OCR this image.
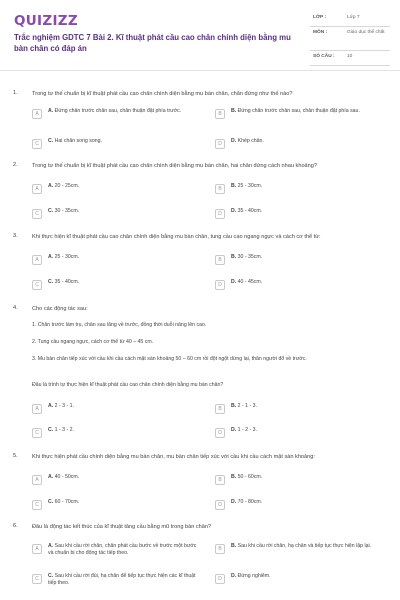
QUIZIZZ
Trắc nghiệm GDTC 7 Bài 2. Kĩ thuật phát cầu cao chân chính diện bằng mu bàn chân có đáp án
LỚP :	Lớp 7
MÔN :	Giáo dục thể chất
SỐ CÂU :	10
1.	Trong tư thế chuẩn bị kĩ thuật phát cầu cao chân chính diện bằng mu bàn chân, chân đứng như thế nào?
A	A. Đứng chân trước chân sau, chân thuận đặt phía trước.	B	B. Đứng chân trước chân sau, chân thuận đặt phía sau.
C	C. Hai chân song song.	D	D. Khép chân.
2.	Trong tư thế chuẩn bị kĩ thuật phát cầu cao chân chính diện bằng mu bàn chân, hai chân đứng cách nhau khoảng?
A	A. 20 - 25cm.	B	B. 25 - 30cm.
C	C. 30 - 35cm.	D	D. 35 - 40cm.
3.	Khi thực hiện kĩ thuật phát cầu cao chân chính diện bằng mu bàn chân, tung cầu cao ngang ngực và cách cơ thể từ:
A	A. 25 - 30cm.	B	B. 30 - 35cm.
C	C. 35 - 40cm.	D	D. 40 - 45cm.
4.	Cho các động tác sau:
1. Chân trước làm trụ, chân sau lăng về trước, đồng thời duỗi nâng lên cao.
2. Tung cầu ngang ngực, cách cơ thể từ 40 – 45 cm.
3. Mu bàn chân tiếp xúc với cầu khi cầu cách mặt sàn khoảng 50 – 60 cm rồi đột ngột dừng lại, thân người đổ về trước.
Đâu là trình tự thực hiện kĩ thuật phát cầu cao chân chính diện bằng mu bàn chân?
A	A. 2 - 3 - 1.	B	B. 2 - 1 - 3.
C	C. 1 - 3 - 2.	D	D. 1 - 2 - 3.
5.	Khi thực hiện phát cầu chính diện bằng mu bàn chân, mu bàn chân tiếp xúc với cầu khi cầu cách mặt sàn khoảng:
A	A. 40 - 50cm.	B	B. 50 - 60cm.
C	C. 60 - 70cm.	D	D. 70 - 80cm.
6.	Đâu là động tác kết thúc của kĩ thuật tâng cầu bằng mũ trong bàn chân?
A	A. Sau khi cầu rời chân, chân phát cầu bước về trước một bước và chuẩn bị cho động tác tiếp theo.
B	B. Sau khi cầu rời chân, hạ chân và tiếp tục thực hiện lặp lại.
C	C. Sau khi cầu rời đùi, hạ chân để tiếp tục thực hiện các kĩ thuật tiếp theo.
D	D. Đứng nghiêm.
